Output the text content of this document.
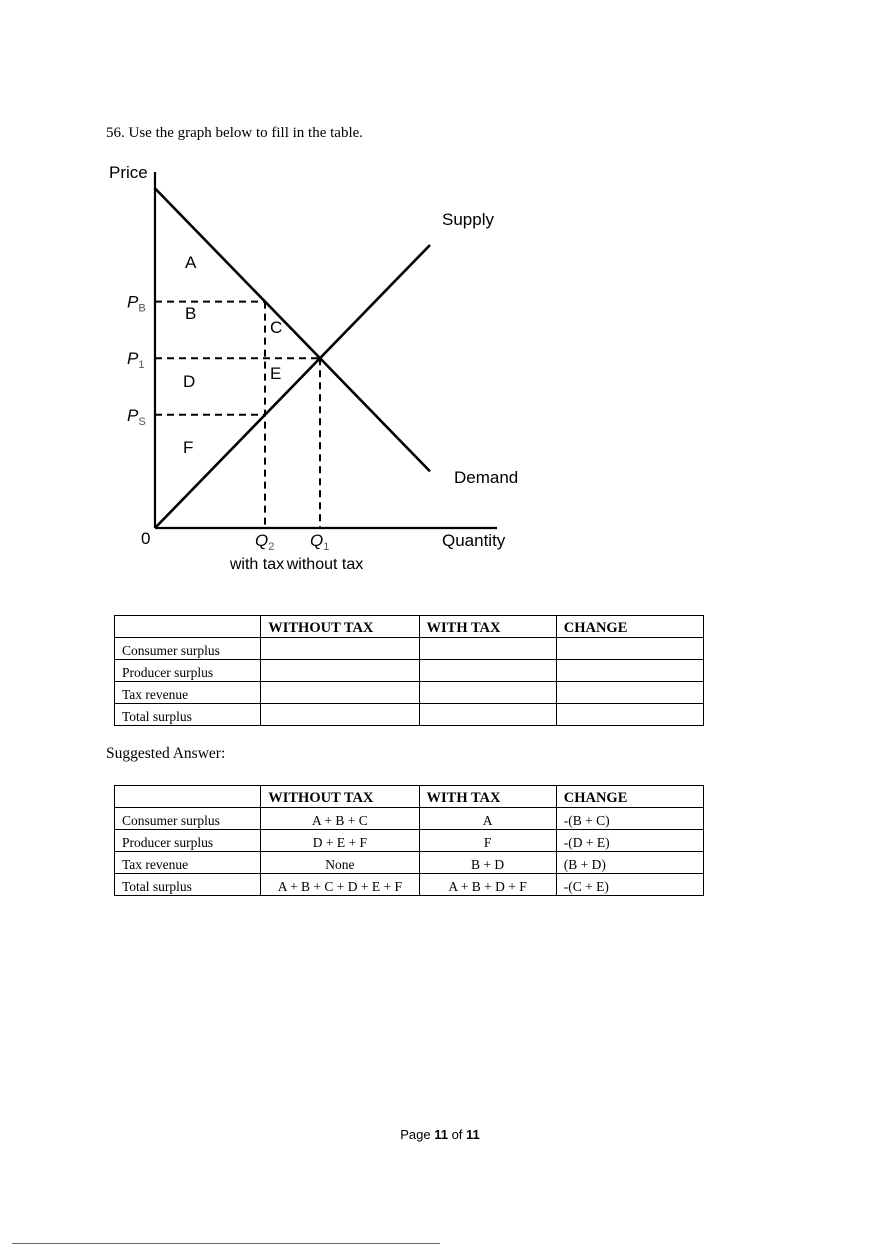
56. Use the graph below to fill in the table.
Price
Quantity
0
Supply
Demand
$P_B$
$P_1$
$P_S$
$Q_2$ $Q_1$
with tax without tax
A
B
C
D	E
F
	WITHOUT TAX	WITH TAX	CHANGE
Consumer surplus			
Producer surplus			
Tax revenue			
Total surplus			
Suggested Answer:
	WITHOUT TAX	WITH TAX	CHANGE
Consumer surplus	A + B + C	A	-(B + C)
Producer surplus	D + E + F	F	-(D + E)
Tax revenue	None	B + D	(B + D)
Total surplus	A + B + C + D + E + F	A + B + D + F	-(C + E)
Page 11 of 11
